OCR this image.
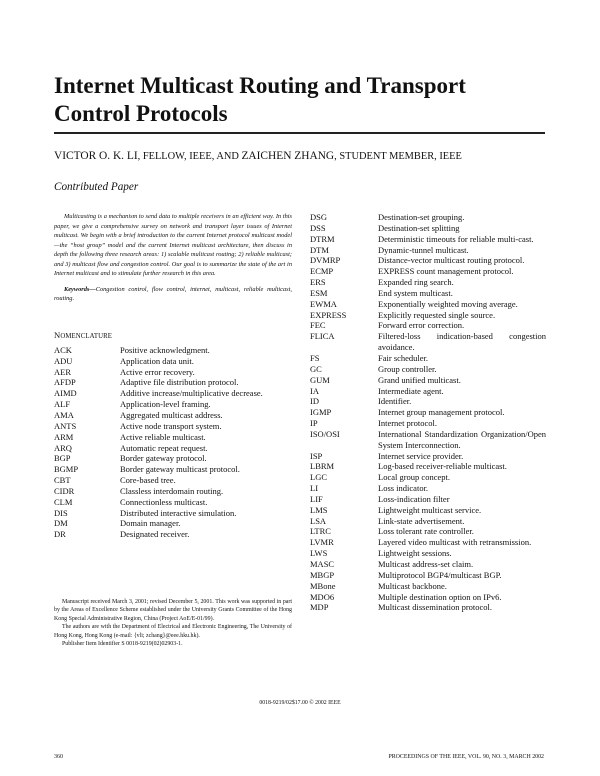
Internet Multicast Routing and Transport
Control Protocols
VICTOR O. K. LI, FELLOW, IEEE, AND ZAICHEN ZHANG, STUDENT MEMBER, IEEE
Contributed Paper

Multicasting is a mechanism to send data to multiple receivers in an efficient way. In this paper, we give a comprehensive survey on network and transport layer issues of Internet multicast. We begin with a brief introduction to the current Internet protocol multicast model—the “host group” model and the current Internet multicast architecture, then discuss in depth the following three research areas: 1) scalable multicast routing; 2) reliable multicast; and 3) multicast flow and congestion control. Our goal is to summarize the state of the art in Internet multicast and to stimulate further research in this area.

Keywords—Congestion control, flow control, internet, multicast, reliable multicast, routing.

NOMENCLATURE
ACK	Positive acknowledgment.
ADU	Application data unit.
AER	Active error recovery.
AFDP	Adaptive file distribution protocol.
AIMD	Additive increase/multiplicative decrease.
ALF	Application-level framing.
AMA	Aggregated multicast address.
ANTS	Active node transport system.
ARM	Active reliable multicast.
ARQ	Automatic repeat request.
BGP	Border gateway protocol.
BGMP	Border gateway multicast protocol.
CBT	Core-based tree.
CIDR	Classless interdomain routing.
CLM	Connectionless multicast.
DIS	Distributed interactive simulation.
DM	Domain manager.
DR	Designated receiver.

Manuscript received March 3, 2001; revised December 5, 2001. This work was supported in part by the Areas of Excellence Scheme established under the University Grants Committee of the Hong Kong Special Administrative Region, China (Project AoE/E-01/99).

The authors are with the Department of Electrical and Electronic Engineering, The University of Hong Kong, Hong Kong (e-mail: {vli; zchang}@eee.hku.hk).

Publisher Item Identifier S 0018-9219(02)02903-1.

DSG	Destination-set grouping.
DSS	Destination-set splitting
DTRM	Deterministic timeouts for reliable multi-cast.
DTM	Dynamic-tunnel multicast.
DVMRP	Distance-vector multicast routing protocol.
ECMP	EXPRESS count management protocol.
ERS	Expanded ring search.
ESM	End system multicast.
EWMA	Exponentially weighted moving average.
EXPRESS	Explicitly requested single source.
FEC	Forward error correction.
FLICA	Filtered-loss indication-based congestion avoidance.
FS	Fair scheduler.
GC	Group controller.
GUM	Grand unified multicast.
IA	Intermediate agent.
ID	Identifier.
IGMP	Internet group management protocol.
IP	Internet protocol.
ISO/OSI	International Standardization Organization/Open System Interconnection.
ISP	Internet service provider.
LBRM	Log-based receiver-reliable multicast.
LGC	Local group concept.
LI	Loss indicator.
LIF	Loss-indication filter
LMS	Lightweight multicast service.
LSA	Link-state advertisement.
LTRC	Loss tolerant rate controller.
LVMR	Layered video multicast with retransmission.
LWS	Lightweight sessions.
MASC	Multicast address-set claim.
MBGP	Multiprotocol BGP4/multicast BGP.
MBone	Multicast backbone.
MDO6	Multiple destination option on IPv6.
MDP	Multicast dissemination protocol.
0018-9219/02$17.00 © 2002 IEEE
360	PROCEEDINGS OF THE IEEE, VOL. 90, NO. 3, MARCH 2002
